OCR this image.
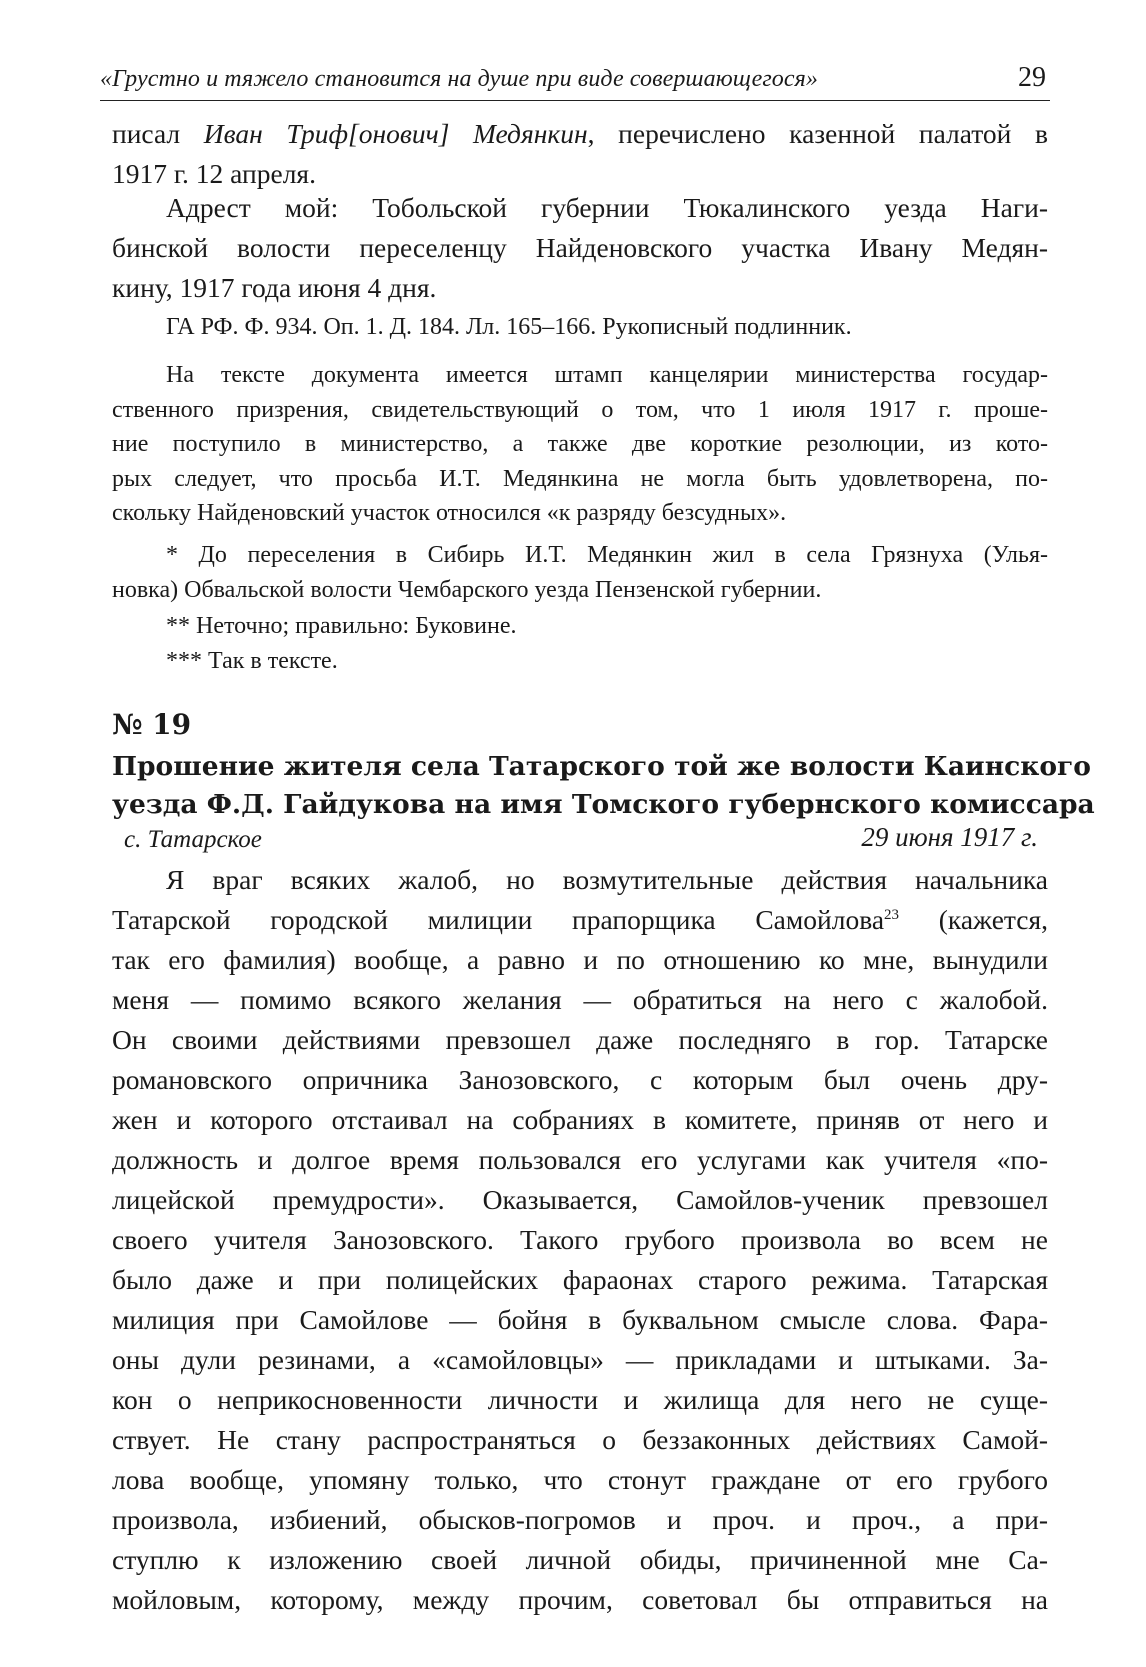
«Грустно и тяжело становится на душе при виде совершающегося»	29
писал Иван Триф[онович] Медянкин, перечислено казенной палатой в
1917 г. 12 апреля.
Адрест мой: Тобольской губернии Тюкалинского уезда Наги-
бинской волости переселенцу Найденовского участка Ивану Медян-
кину, 1917 года июня 4 дня.
ГА РФ. Ф. 934. Оп. 1. Д. 184. Лл. 165–166. Рукописный подлинник.
На тексте документа имеется штамп канцелярии министерства государ-
ственного призрения, свидетельствующий о том, что 1 июля 1917 г. проше-
ние поступило в министерство, а также две короткие резолюции, из кото-
рых следует, что просьба И.Т. Медянкина не могла быть удовлетворена, по-
скольку Найденовский участок относился «к разряду безсудных».
* До переселения в Сибирь И.Т. Медянкин жил в села Грязнуха (Улья-
новка) Обвальской волости Чембарского уезда Пензенской губернии.
** Неточно; правильно: Буковине.
*** Так в тексте.
№ 19
Прошение жителя села Татарского той же волости Каинского
уезда Ф.Д. Гайдукова на имя Томского губернского комиссара
с. Татарское	29 июня 1917 г.
Я враг всяких жалоб, но возмутительные действия начальника
Татарской городской милиции прапорщика Самойлова$^{23}$ (кажется,
так его фамилия) вообще, а равно и по отношению ко мне, вынудили
меня — помимо всякого желания — обратиться на него с жалобой.
Он своими действиями превзошел даже последняго в гор. Татарске
романовского опричника Занозовского, с которым был очень дру-
жен и которого отстаивал на собраниях в комитете, приняв от него и
должность и долгое время пользовался его услугами как учителя «по-
лицейской премудрости». Оказывается, Самойлов-ученик превзошел
своего учителя Занозовского. Такого грубого произвола во всем не
было даже и при полицейских фараонах старого режима. Татарская
милиция при Самойлове — бойня в буквальном смысле слова. Фара-
оны дули резинами, а «самойловцы» — прикладами и штыками. За-
кон о неприкосновенности личности и жилища для него не суще-
ствует. Не стану распространяться о беззаконных действиях Самой-
лова вообще, упомяну только, что стонут граждане от его грубого
произвола, избиений, обысков-погромов и проч. и проч., а при-
ступлю к изложению своей личной обиды, причиненной мне Са-
мойловым, которому, между прочим, советовал бы отправиться на
